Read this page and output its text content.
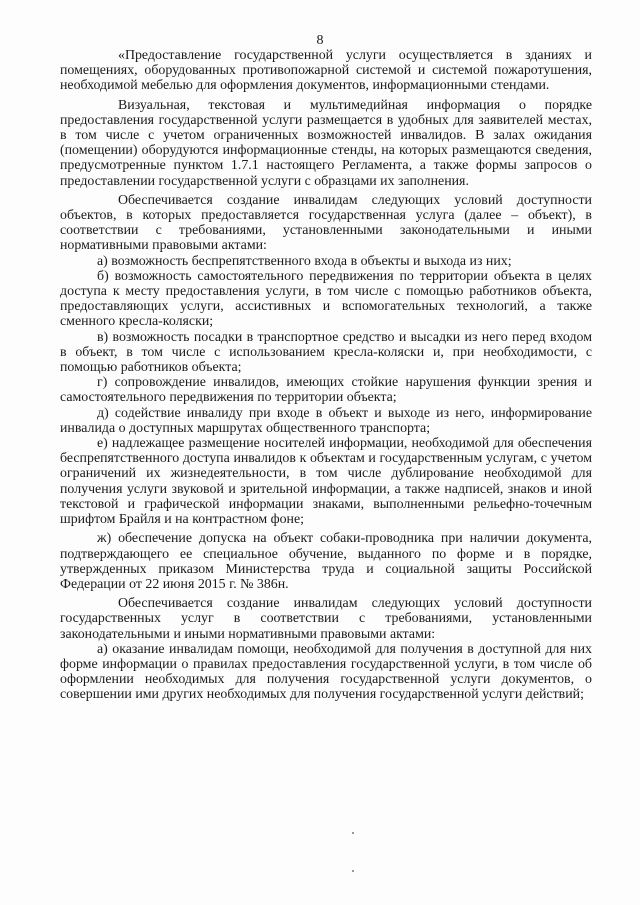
8

«Предоставление государственной услуги осуществляется в зданиях и помещениях, оборудованных противопожарной системой и системой пожаротушения, необходимой мебелью для оформления документов, информационными стендами.

Визуальная, текстовая и мультимедийная информация о порядке предоставления государственной услуги размещается в удобных для заявителей местах, в том числе с учетом ограниченных возможностей инвалидов. В залах ожидания (помещении) оборудуются информационные стенды, на которых размещаются сведения, предусмотренные пунктом 1.7.1 настоящего Регламента, а также формы запросов о предоставлении государственной услуги с образцами их заполнения.

Обеспечивается создание инвалидам следующих условий доступности объектов, в которых предоставляется государственная услуга (далее – объект), в соответствии с требованиями, установленными законодательными и иными нормативными правовыми актами:

а) возможность беспрепятственного входа в объекты и выхода из них;

б) возможность самостоятельного передвижения по территории объекта в целях доступа к месту предоставления услуги, в том числе с помощью работников объекта, предоставляющих услуги, ассистивных и вспомогательных технологий, а также сменного кресла-коляски;

в) возможность посадки в транспортное средство и высадки из него перед входом в объект, в том числе с использованием кресла-коляски и, при необходимости, с помощью работников объекта;

г) сопровождение инвалидов, имеющих стойкие нарушения функции зрения и самостоятельного передвижения по территории объекта;

д) содействие инвалиду при входе в объект и выходе из него, информирование инвалида о доступных маршрутах общественного транспорта;

е) надлежащее размещение носителей информации, необходимой для обеспечения беспрепятственного доступа инвалидов к объектам и государственным услугам, с учетом ограничений их жизнедеятельности, в том числе дублирование необходимой для получения услуги звуковой и зрительной информации, а также надписей, знаков и иной текстовой и графической информации знаками, выполненными рельефно-точечным шрифтом Брайля и на контрастном фоне;

ж) обеспечение допуска на объект собаки-проводника при наличии документа, подтверждающего ее специальное обучение, выданного по форме и в порядке, утвержденных приказом Министерства труда и социальной защиты Российской Федерации от 22 июня 2015 г. № 386н.

Обеспечивается создание инвалидам следующих условий доступности государственных услуг в соответствии с требованиями, установленными законодательными и иными нормативными правовыми актами:

а) оказание инвалидам помощи, необходимой для получения в доступной для них форме информации о правилах предоставления государственной услуги, в том числе об оформлении необходимых для получения государственной услуги документов, о совершении ими других необходимых для получения государственной услуги действий;
